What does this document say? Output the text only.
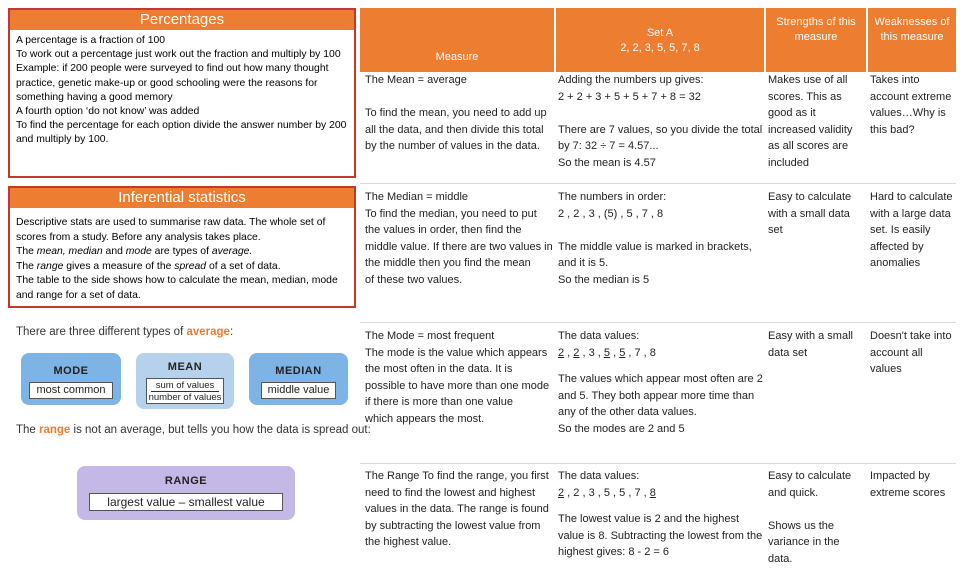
Percentages
A percentage is a fraction of 100
To work out a percentage just work out the fraction and multiply by 100
Example: if 200 people were surveyed to find out how many thought practice, genetic make-up or good schooling were the reasons for something having a good memory
A fourth option ‘do not know’ was added
To find the percentage for each option divide the answer number by 200 and multiply by 100.
Inferential statistics
Descriptive stats are used to summarise raw data. The whole set of scores from a study. Before any analysis takes place.
The mean, median and mode are types of average.
The range gives a measure of the spread of a set of data.
The table to the side shows how to calculate the mean, median, mode and range for a set of data.
There are three different types of average:
MODE
most common
MEAN
sum of values
number of values
MEDIAN
middle value
The range is not an average, but tells you how the data is spread out:
RANGE
largest value – smallest value
Measure
Set A
2, 2, 3, 5, 5, 7, 8
Strengths of this measure
Weaknesses of this measure
The Mean = average

To find the mean, you need to add up all the data, and then divide this total by the number of values in the data.
Adding the numbers up gives:
2 + 2 + 3 + 5 + 5 + 7 + 8 = 32

There are 7 values, so you divide the total by 7: 32 ÷ 7 = 4.57...
So the mean is 4.57
Makes use of all scores. This as good as it increased validity as all scores are included
Takes into account extreme values…Why is this bad?
The Median = middle
To find the median, you need to put the values in order, then find the
middle value. If there are two values in the middle then you find the mean
of these two values.
The numbers in order:
2 , 2 , 3 , (5) , 5 , 7 , 8

The middle value is marked in brackets, and it is 5.
So the median is 5
Easy to calculate with a small data set
Hard to calculate with a large data set. Is easily affected by anomalies
The Mode = most frequent
The mode is the value which appears the most often in the data. It is
possible to have more than one mode if there is more than one value
which appears the most.
The data values:
2 , 2 , 3 , 5 , 5 , 7 , 8
The values which appear most often are 2 and 5. They both appear more time than any of the other data values.
So the modes are 2 and 5
Easy with a small data set
Doesn't take into account all values
The Range To find the range, you first need to find the lowest and highest values in the data. The range is found by subtracting the lowest value from the highest value.
The data values:
2 , 2 , 3 , 5 , 5 , 7 , 8
The lowest value is 2 and the highest value is 8. Subtracting the lowest from the highest gives: 8 - 2 = 6
Easy to calculate and quick.

Shows us the variance in the data.
Impacted by extreme scores
